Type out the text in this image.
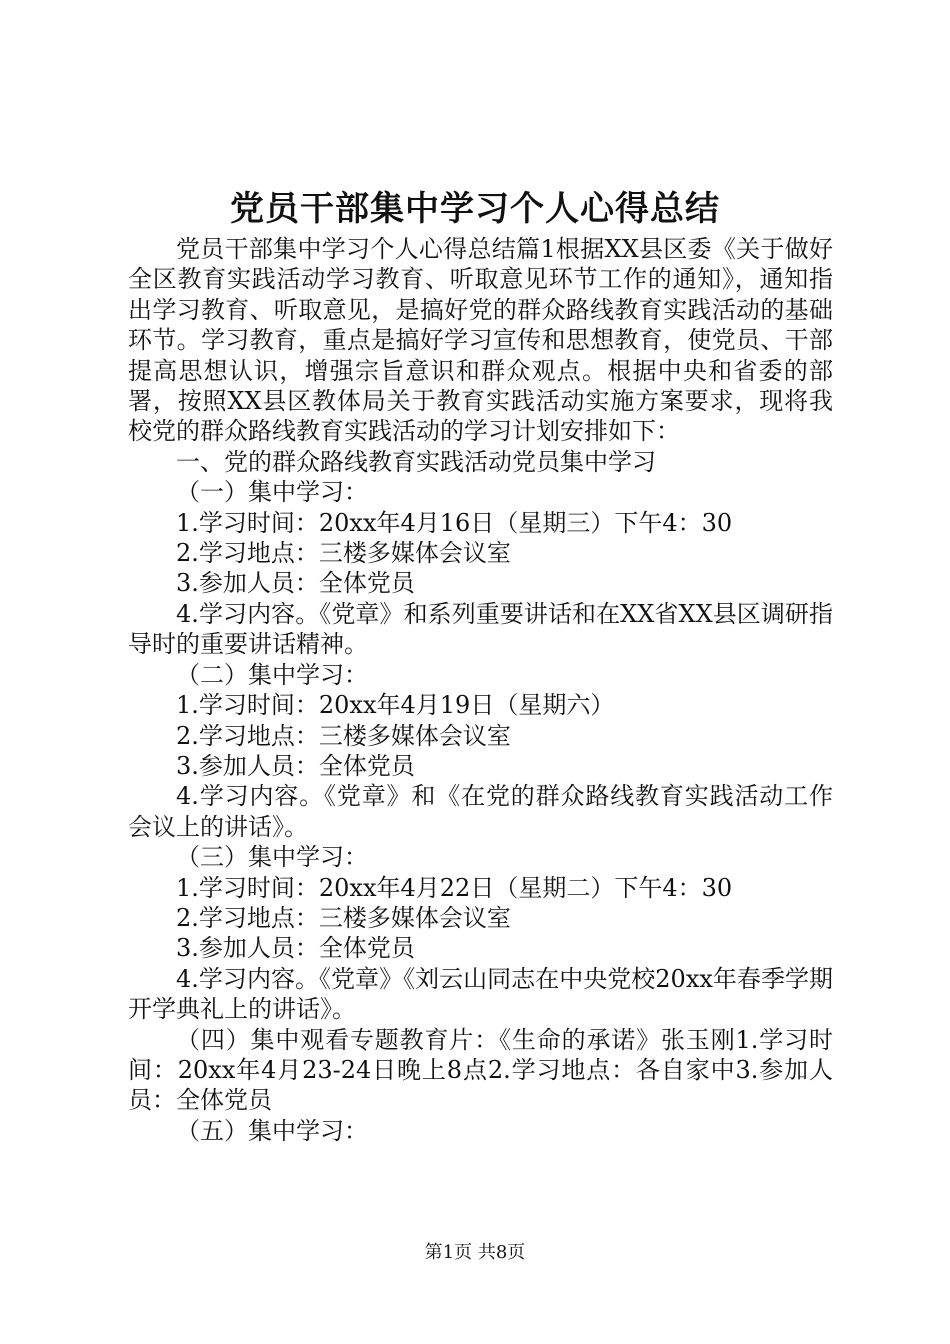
党员干部集中学习个人心得总结

党员干部集中学习个人心得总结篇1根据XX县区委《关于做好全区教育实践活动学习教育、听取意见环节工作的通知》，通知指出学习教育、听取意见，是搞好党的群众路线教育实践活动的基础环节。学习教育，重点是搞好学习宣传和思想教育，使党员、干部提高思想认识，增强宗旨意识和群众观点。根据中央和省委的部署，按照XX县区教体局关于教育实践活动实施方案要求，现将我校党的群众路线教育实践活动的学习计划安排如下：

一、党的群众路线教育实践活动党员集中学习

（一）集中学习：

1.学习时间：20xx年4月16日（星期三）下午4：30

2.学习地点：三楼多媒体会议室

3.参加人员：全体党员

4.学习内容。《党章》和系列重要讲话和在XX省XX县区调研指导时的重要讲话精神。

（二）集中学习：

1.学习时间：20xx年4月19日（星期六）

2.学习地点：三楼多媒体会议室

3.参加人员：全体党员

4.学习内容。《党章》和《在党的群众路线教育实践活动工作会议上的讲话》。

（三）集中学习：

1.学习时间：20xx年4月22日（星期二）下午4：30

2.学习地点：三楼多媒体会议室

3.参加人员：全体党员

4.学习内容。《党章》《刘云山同志在中央党校20xx年春季学期开学典礼上的讲话》。

（四）集中观看专题教育片：《生命的承诺》张玉刚1.学习时间：20xx年4月23-24日晚上8点2.学习地点：各自家中3.参加人员：全体党员

（五）集中学习：

第1页 共8页
